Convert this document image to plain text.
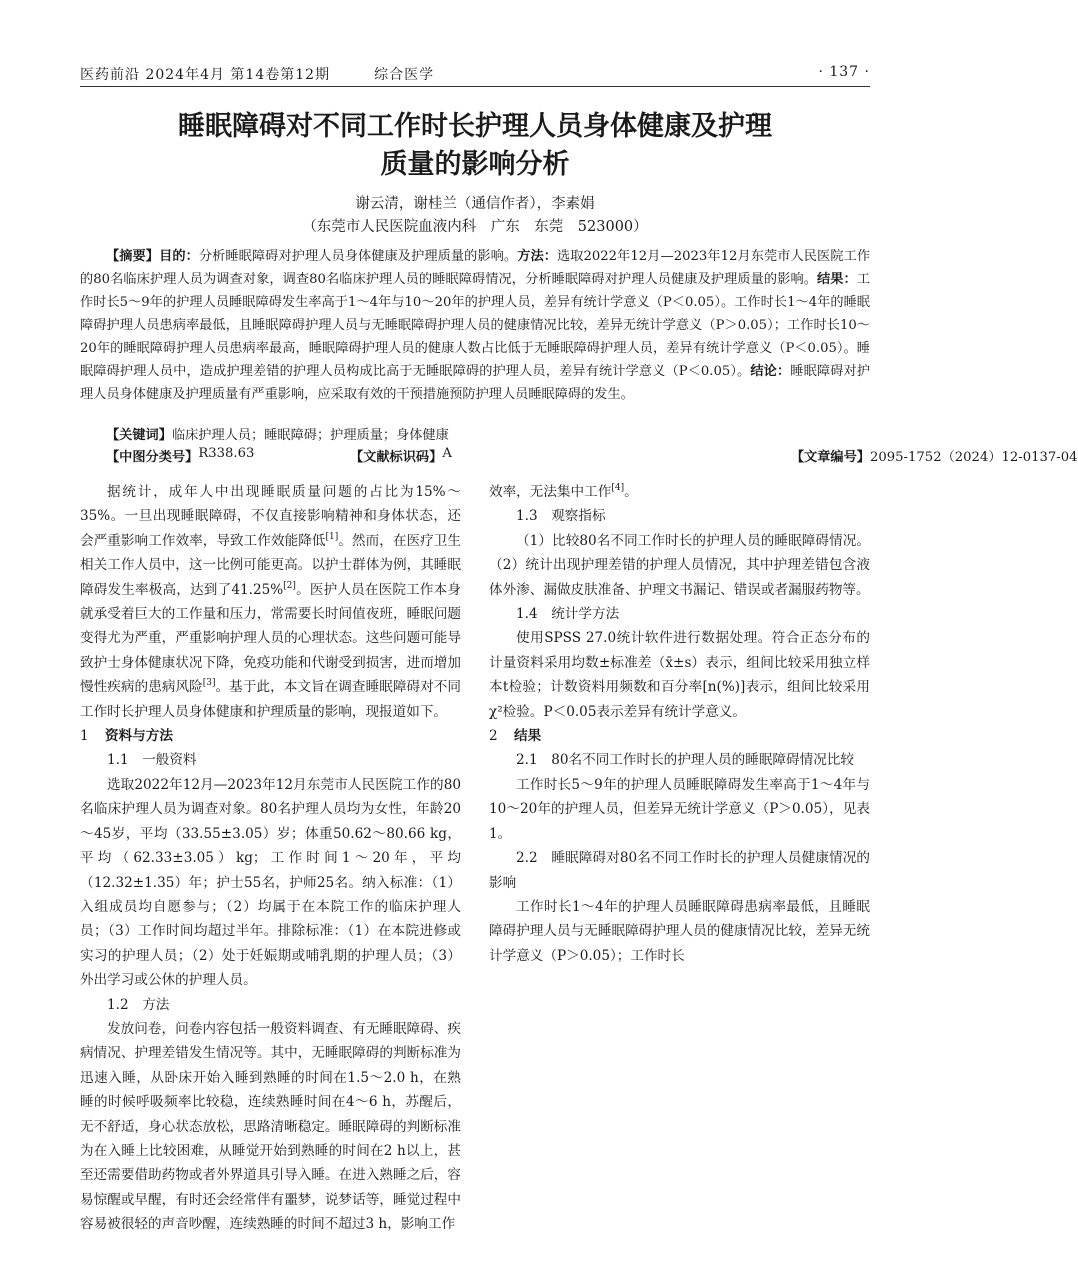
医药前沿 2024年4月 第14卷第12期	综合医学	· 137 ·
睡眠障碍对不同工作时长护理人员身体健康及护理
质量的影响分析
谢云清，谢桂兰（通信作者），李素娟
（东莞市人民医院血液内科　广东　东莞　523000）
【摘要】目的：分析睡眠障碍对护理人员身体健康及护理质量的影响。方法：选取2022年12月—2023年12月东莞市人民医院工作的80名临床护理人员为调查对象，调查80名临床护理人员的睡眠障碍情况，分析睡眠障碍对护理人员健康及护理质量的影响。结果：工作时长5～9年的护理人员睡眠障碍发生率高于1～4年与10～20年的护理人员，差异有统计学意义（P＜0.05）。工作时长1～4年的睡眠障碍护理人员患病率最低，且睡眠障碍护理人员与无睡眠障碍护理人员的健康情况比较，差异无统计学意义（P＞0.05）；工作时长10～20年的睡眠障碍护理人员患病率最高，睡眠障碍护理人员的健康人数占比低于无睡眠障碍护理人员，差异有统计学意义（P＜0.05）。睡眠障碍护理人员中，造成护理差错的护理人员构成比高于无睡眠障碍的护理人员，差异有统计学意义（P＜0.05）。结论：睡眠障碍对护理人员身体健康及护理质量有严重影响，应采取有效的干预措施预防护理人员睡眠障碍的发生。
【关键词】临床护理人员；睡眠障碍；护理质量；身体健康
【中图分类号】 R338.63	【文献标识码】 A	【文章编号】 2095-1752（2024）12-0137-04

据统计，成年人中出现睡眠质量问题的占比为15%～35%。一旦出现睡眠障碍，不仅直接影响精神和身体状态，还会严重影响工作效率，导致工作效能降低[1]。然而，在医疗卫生相关工作人员中，这一比例可能更高。以护士群体为例，其睡眠障碍发生率极高，达到了41.25%[2]。医护人员在医院工作本身就承受着巨大的工作量和压力，常需要长时间值夜班，睡眠问题变得尤为严重，严重影响护理人员的心理状态。这些问题可能导致护士身体健康状况下降，免疫功能和代谢受到损害，进而增加慢性疾病的患病风险[3]。基于此，本文旨在调查睡眠障碍对不同工作时长护理人员身体健康和护理质量的影响，现报道如下。

1 资料与方法
1.1　一般资料

选取2022年12月—2023年12月东莞市人民医院工作的80名临床护理人员为调查对象。80名护理人员均为女性，年龄20～45岁，平均（33.55±3.05）岁；体重50.62～80.66 kg，平均（62.33±3.05）kg；工作时间1～20年，平均（12.32±1.35）年；护士55名，护师25名。纳入标准：（1）入组成员均自愿参与；（2）均属于在本院工作的临床护理人员；（3）工作时间均超过半年。排除标准：（1）在本院进修或实习的护理人员；（2）处于妊娠期或哺乳期的护理人员；（3）外出学习或公休的护理人员。

1.2　方法

发放问卷，问卷内容包括一般资料调查、有无睡眠障碍、疾病情况、护理差错发生情况等。其中，无睡眠障碍的判断标准为迅速入睡，从卧床开始入睡到熟睡的时间在1.5～2.0 h，在熟睡的时候呼吸频率比较稳，连续熟睡时间在4～6 h，苏醒后，无不舒适，身心状态放松，思路清晰稳定。睡眠障碍的判断标准为在入睡上比较困难，从睡觉开始到熟睡的时间在2 h以上，甚至还需要借助药物或者外界道具引导入睡。在进入熟睡之后，容易惊醒或早醒，有时还会经常伴有噩梦，说梦话等，睡觉过程中容易被很轻的声音吵醒，连续熟睡的时间不超过3 h，影响工作

效率，无法集中工作[4]。

1.3　观察指标

（1）比较80名不同工作时长的护理人员的睡眠障碍情况。（2）统计出现护理差错的护理人员情况，其中护理差错包含液体外渗、漏做皮肤准备、护理文书漏记、错误或者漏服药物等。

1.4　统计学方法

使用SPSS 27.0统计软件进行数据处理。符合正态分布的计量资料采用均数±标准差（x̄±s）表示，组间比较采用独立样本t检验；计数资料用频数和百分率[n(%)]表示，组间比较采用χ²检验。P＜0.05表示差异有统计学意义。

2 结果
2.1　80名不同工作时长的护理人员的睡眠障碍情况比较

工作时长5～9年的护理人员睡眠障碍发生率高于1～4年与10～20年的护理人员，但差异无统计学意义（P＞0.05），见表1。

2.2　睡眠障碍对80名不同工作时长的护理人员健康情况的影响

工作时长1～4年的护理人员睡眠障碍患病率最低，且睡眠障碍护理人员与无睡眠障碍护理人员的健康情况比较，差异无统计学意义（P＞0.05）；工作时长
